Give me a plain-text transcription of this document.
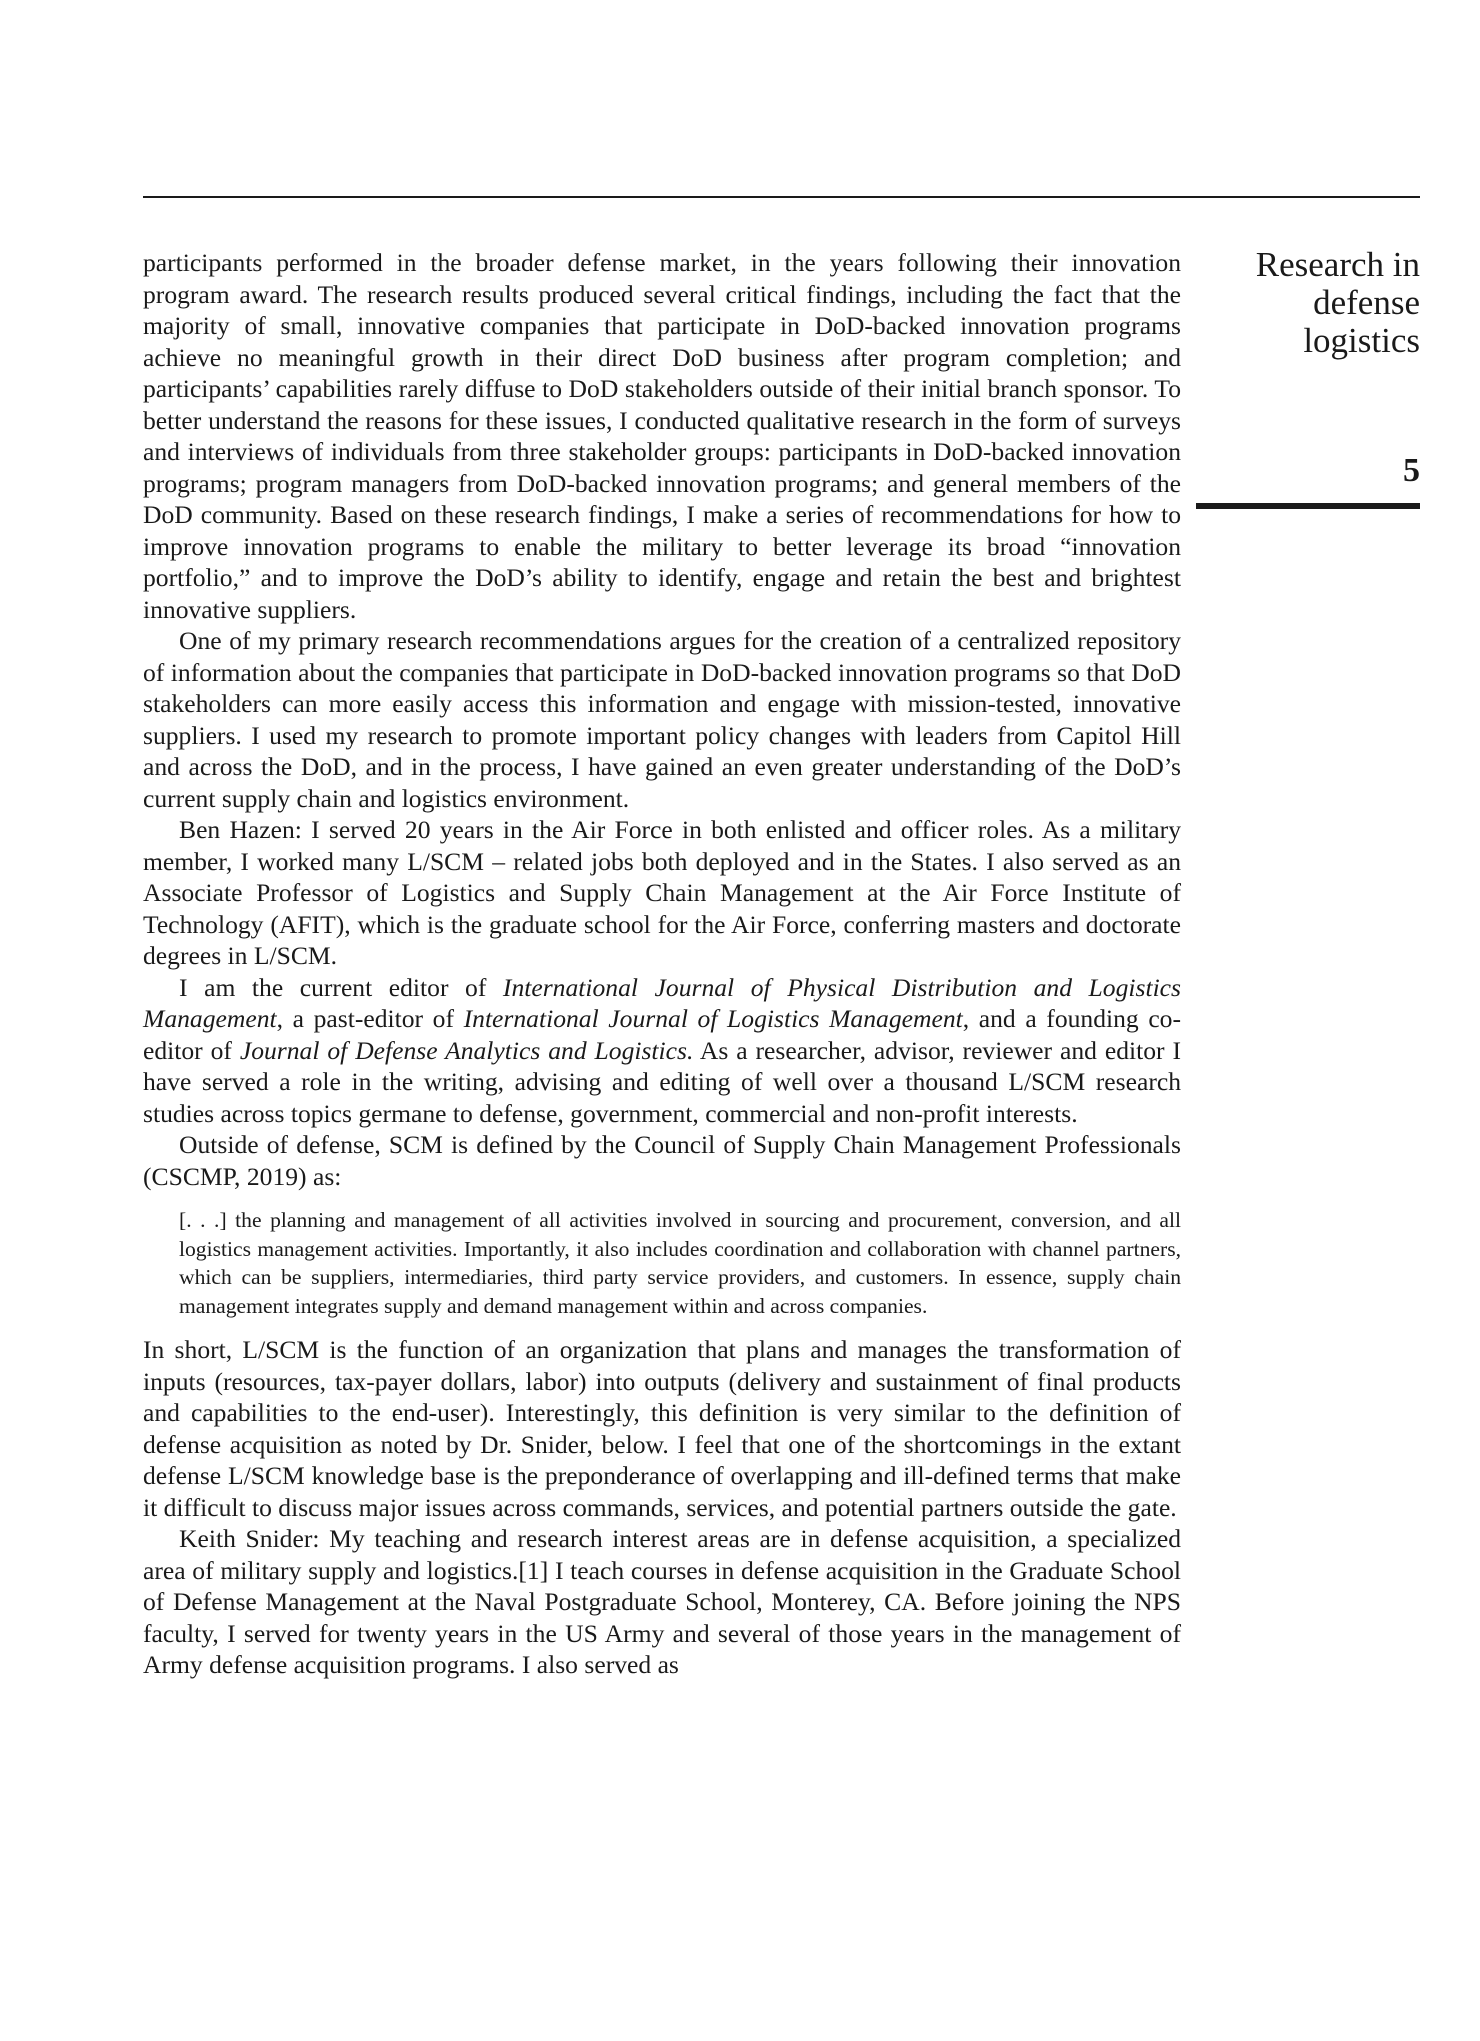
participants performed in the broader defense market, in the years following their innovation program award. The research results produced several critical findings, including the fact that the majority of small, innovative companies that participate in DoD-backed innovation programs achieve no meaningful growth in their direct DoD business after program completion; and participants’ capabilities rarely diffuse to DoD stakeholders outside of their initial branch sponsor. To better understand the reasons for these issues, I conducted qualitative research in the form of surveys and interviews of individuals from three stakeholder groups: participants in DoD-backed innovation programs; program managers from DoD-backed innovation programs; and general members of the DoD community. Based on these research findings, I make a series of recommendations for how to improve innovation programs to enable the military to better leverage its broad “innovation portfolio,” and to improve the DoD’s ability to identify, engage and retain the best and brightest innovative suppliers.

One of my primary research recommendations argues for the creation of a centralized repository of information about the companies that participate in DoD-backed innovation programs so that DoD stakeholders can more easily access this information and engage with mission-tested, innovative suppliers. I used my research to promote important policy changes with leaders from Capitol Hill and across the DoD, and in the process, I have gained an even greater understanding of the DoD’s current supply chain and logistics environment.

Ben Hazen: I served 20 years in the Air Force in both enlisted and officer roles. As a military member, I worked many L/SCM – related jobs both deployed and in the States. I also served as an Associate Professor of Logistics and Supply Chain Management at the Air Force Institute of Technology (AFIT), which is the graduate school for the Air Force, conferring masters and doctorate degrees in L/SCM.

I am the current editor of International Journal of Physical Distribution and Logistics Management, a past-editor of International Journal of Logistics Management, and a founding co-editor of Journal of Defense Analytics and Logistics. As a researcher, advisor, reviewer and editor I have served a role in the writing, advising and editing of well over a thousand L/SCM research studies across topics germane to defense, government, commercial and non-profit interests.

Outside of defense, SCM is defined by the Council of Supply Chain Management Professionals (CSCMP, 2019) as:

[. . .] the planning and management of all activities involved in sourcing and procurement, conversion, and all logistics management activities. Importantly, it also includes coordination and collaboration with channel partners, which can be suppliers, intermediaries, third party service providers, and customers. In essence, supply chain management integrates supply and demand management within and across companies.

In short, L/SCM is the function of an organization that plans and manages the transformation of inputs (resources, tax-payer dollars, labor) into outputs (delivery and sustainment of final products and capabilities to the end-user). Interestingly, this definition is very similar to the definition of defense acquisition as noted by Dr. Snider, below. I feel that one of the shortcomings in the extant defense L/SCM knowledge base is the preponderance of overlapping and ill-defined terms that make it difficult to discuss major issues across commands, services, and potential partners outside the gate.

Keith Snider: My teaching and research interest areas are in defense acquisition, a specialized area of military supply and logistics.[1] I teach courses in defense acquisition in the Graduate School of Defense Management at the Naval Postgraduate School, Monterey, CA. Before joining the NPS faculty, I served for twenty years in the US Army and several of those years in the management of Army defense acquisition programs. I also served as

Research in
defense
logistics
5
